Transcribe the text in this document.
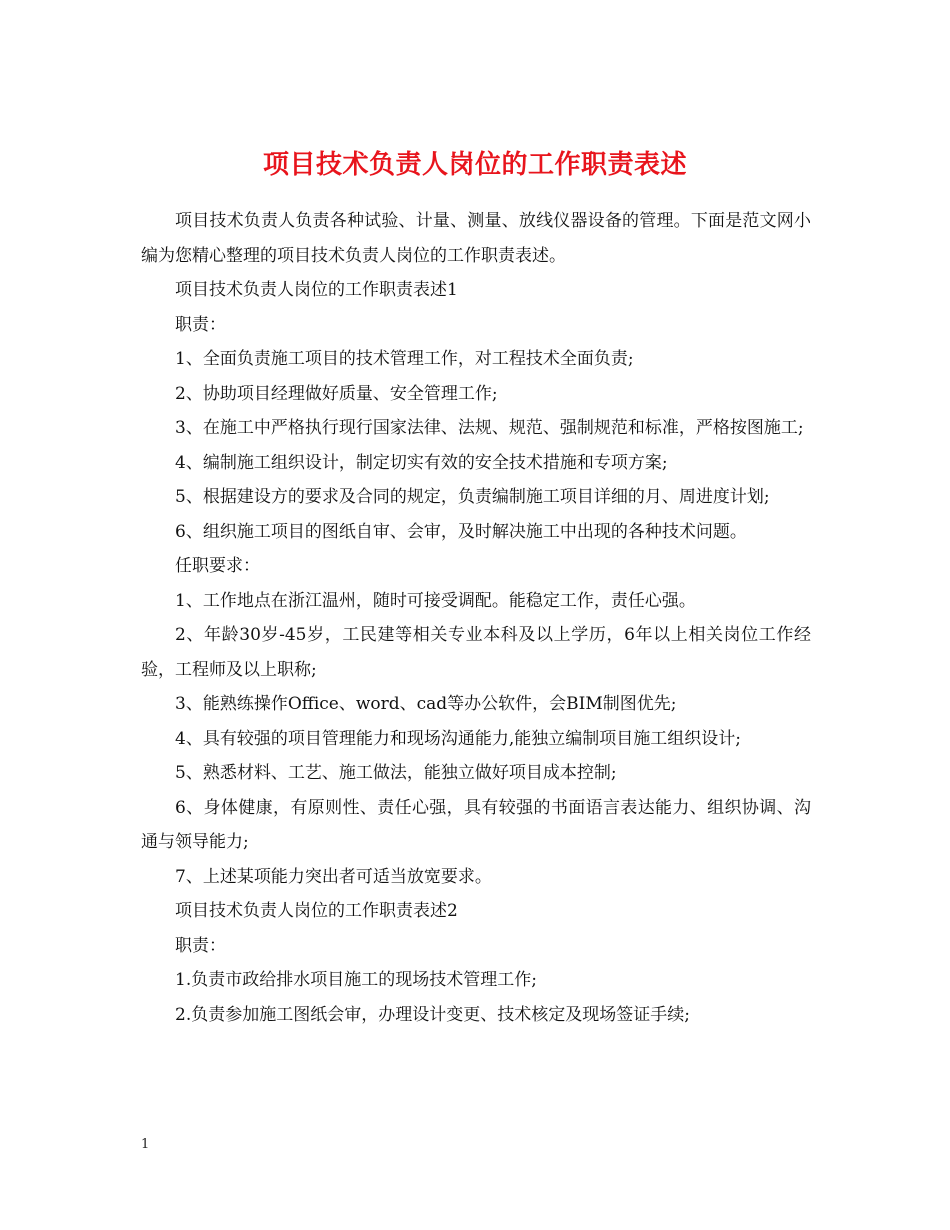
项目技术负责人岗位的工作职责表述

项目技术负责人负责各种试验、计量、测量、放线仪器设备的管理。下面是范文网小编为您精心整理的项目技术负责人岗位的工作职责表述。

项目技术负责人岗位的工作职责表述1

职责：

1、全面负责施工项目的技术管理工作，对工程技术全面负责;

2、协助项目经理做好质量、安全管理工作;

3、在施工中严格执行现行国家法律、法规、规范、强制规范和标准，严格按图施工;

4、编制施工组织设计，制定切实有效的安全技术措施和专项方案;

5、根据建设方的要求及合同的规定，负责编制施工项目详细的月、周进度计划;

6、组织施工项目的图纸自审、会审，及时解决施工中出现的各种技术问题。

任职要求：

1、工作地点在浙江温州，随时可接受调配。能稳定工作，责任心强。

2、年龄30岁-45岁，工民建等相关专业本科及以上学历，6年以上相关岗位工作经验，工程师及以上职称;

3、能熟练操作Office、word、cad等办公软件，会BIM制图优先;

4、具有较强的项目管理能力和现场沟通能力,能独立编制项目施工组织设计;

5、熟悉材料、工艺、施工做法，能独立做好项目成本控制;

6、身体健康，有原则性、责任心强，具有较强的书面语言表达能力、组织协调、沟通与领导能力;

7、上述某项能力突出者可适当放宽要求。

项目技术负责人岗位的工作职责表述2

职责：

1.负责市政给排水项目施工的现场技术管理工作;

2.负责参加施工图纸会审，办理设计变更、技术核定及现场签证手续;

1
